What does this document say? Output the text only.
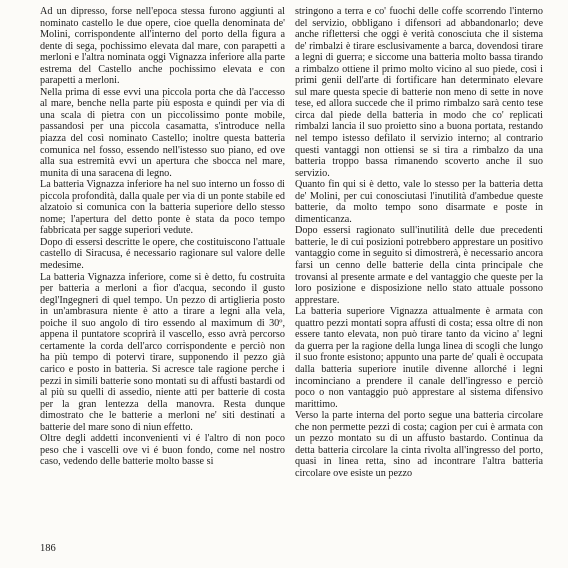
Ad un dipresso, forse nell'epoca stessa furono aggiunti al nominato castello le due opere, cioe quella denominata de' Molini, corrispondente all'interno del porto della figura a dente di sega, pochissimo elevata dal mare, con parapetti a merloni e l'altra nominata oggi Vignazza inferiore alla parte estrema del Castello anche pochissimo elevata e con parapetti a merloni.

Nella prima di esse evvi una piccola porta che dà l'accesso al mare, benche nella parte più esposta e quindi per via di una scala di pietra con un piccolissimo ponte mobile, passandosi per una piccola casamatta, s'introduce nella piazza del così nominato Castello; inoltre questa batteria comunica nel fosso, essendo nell'istesso suo piano, ed ove alla sua estremità evvi un apertura che sbocca nel mare, munita di una saracena di legno.

La batteria Vignazza inferiore ha nel suo interno un fosso di piccola profondità, dalla quale per via di un ponte stabile ed alzatoio si comunica con la batteria superiore dello stesso nome; l'apertura del detto ponte è stata da poco tempo fabbricata per sagge superiori vedute.

Dopo di essersi descritte le opere, che costituiscono l'attuale castello di Siracusa, é necessario ragionare sul valore delle medesime.

La batteria Vignazza inferiore, come si è detto, fu costruita per batteria a merloni a fior d'acqua, secondo il gusto degl'Ingegneri di quel tempo. Un pezzo di artiglieria posto in un'ambrasura niente è atto a tirare a legni alla vela, poiche il suo angolo di tiro essendo al maximum di 30º, appena il puntatore scoprirà il vascello, esso avrà percorso certamente la corda dell'arco corrispondente e perciò non ha più tempo di potervi tirare, supponendo il pezzo già carico e posto in batteria. Si acresce tale ragione perche i pezzi in simili batterie sono montati su di affusti bastardi od al più su quelli di assedio, niente atti per batterie di costa per la gran lentezza della manovra. Resta dunque dimostrato che le batterie a merloni ne' siti destinati a batterie del mare sono di niun effetto.

Oltre degli addetti inconvenienti vi é l'altro di non poco peso che i vascelli ove vi é buon fondo, come nel nostro caso, vedendo delle batterie molto basse si

stringono a terra e co' fuochi delle coffe scorrendo l'interno del servizio, obbligano i difensori ad abbandonarlo; deve anche riflettersi che oggi è verità conosciuta che il sistema de' rimbalzi è tirare esclusivamente a barca, dovendosi tirare a legni di guerra; e siccome una batteria molto bassa tirando a rimbalzo ottiene il primo molto vicino al suo piede, così i primi genii dell'arte di fortificare han determinato elevare sul mare questa specie di batterie non meno di sette in nove tese, ed allora succede che il primo rimbalzo sarà cento tese circa dal piede della batteria in modo che co' replicati rimbalzi lancia il suo proietto sino a buona portata, restando nel tempo istesso defilato il servizio interno; al contrario questi vantaggi non ottiensi se si tira a rimbalzo da una batteria troppo bassa rimanendo scoverto anche il suo servizio.

Quanto fin qui si è detto, vale lo stesso per la batteria detta de' Molini, per cui conosciutasi l'inutilità d'ambedue queste batterie, da molto tempo sono disarmate e poste in dimenticanza.

Dopo essersi ragionato sull'inutilità delle due precedenti batterie, le di cui posizioni potrebbero apprestare un positivo vantaggio come in seguito si dimostrerà, è necessario ancora farsi un cenno delle batterie della cinta principale che trovansi al presente armate e del vantaggio che queste per la loro posizione e disposizione nello stato attuale possono apprestare.

La batteria superiore Vignazza attualmente è armata con quattro pezzi montati sopra affusti di costa; essa oltre di non essere tanto elevata, non può tirare tanto da vicino a' legni da guerra per la ragione della lunga linea di scogli che lungo il suo fronte esistono; appunto una parte de' quali è occupata dalla batteria superiore inutile divenne allorché i legni incominciano a prendere il canale dell'ingresso e perciò poco o non vantaggio può apprestare al sistema difensivo marittimo.

Verso la parte interna del porto segue una batteria circolare che non permette pezzi di costa; cagion per cui è armata con un pezzo montato su di un affusto bastardo. Continua da detta batteria circolare la cinta rivolta all'ingresso del porto, quasi in linea retta, sino ad incontrare l'altra batteria circolare ove esiste un pezzo

186
